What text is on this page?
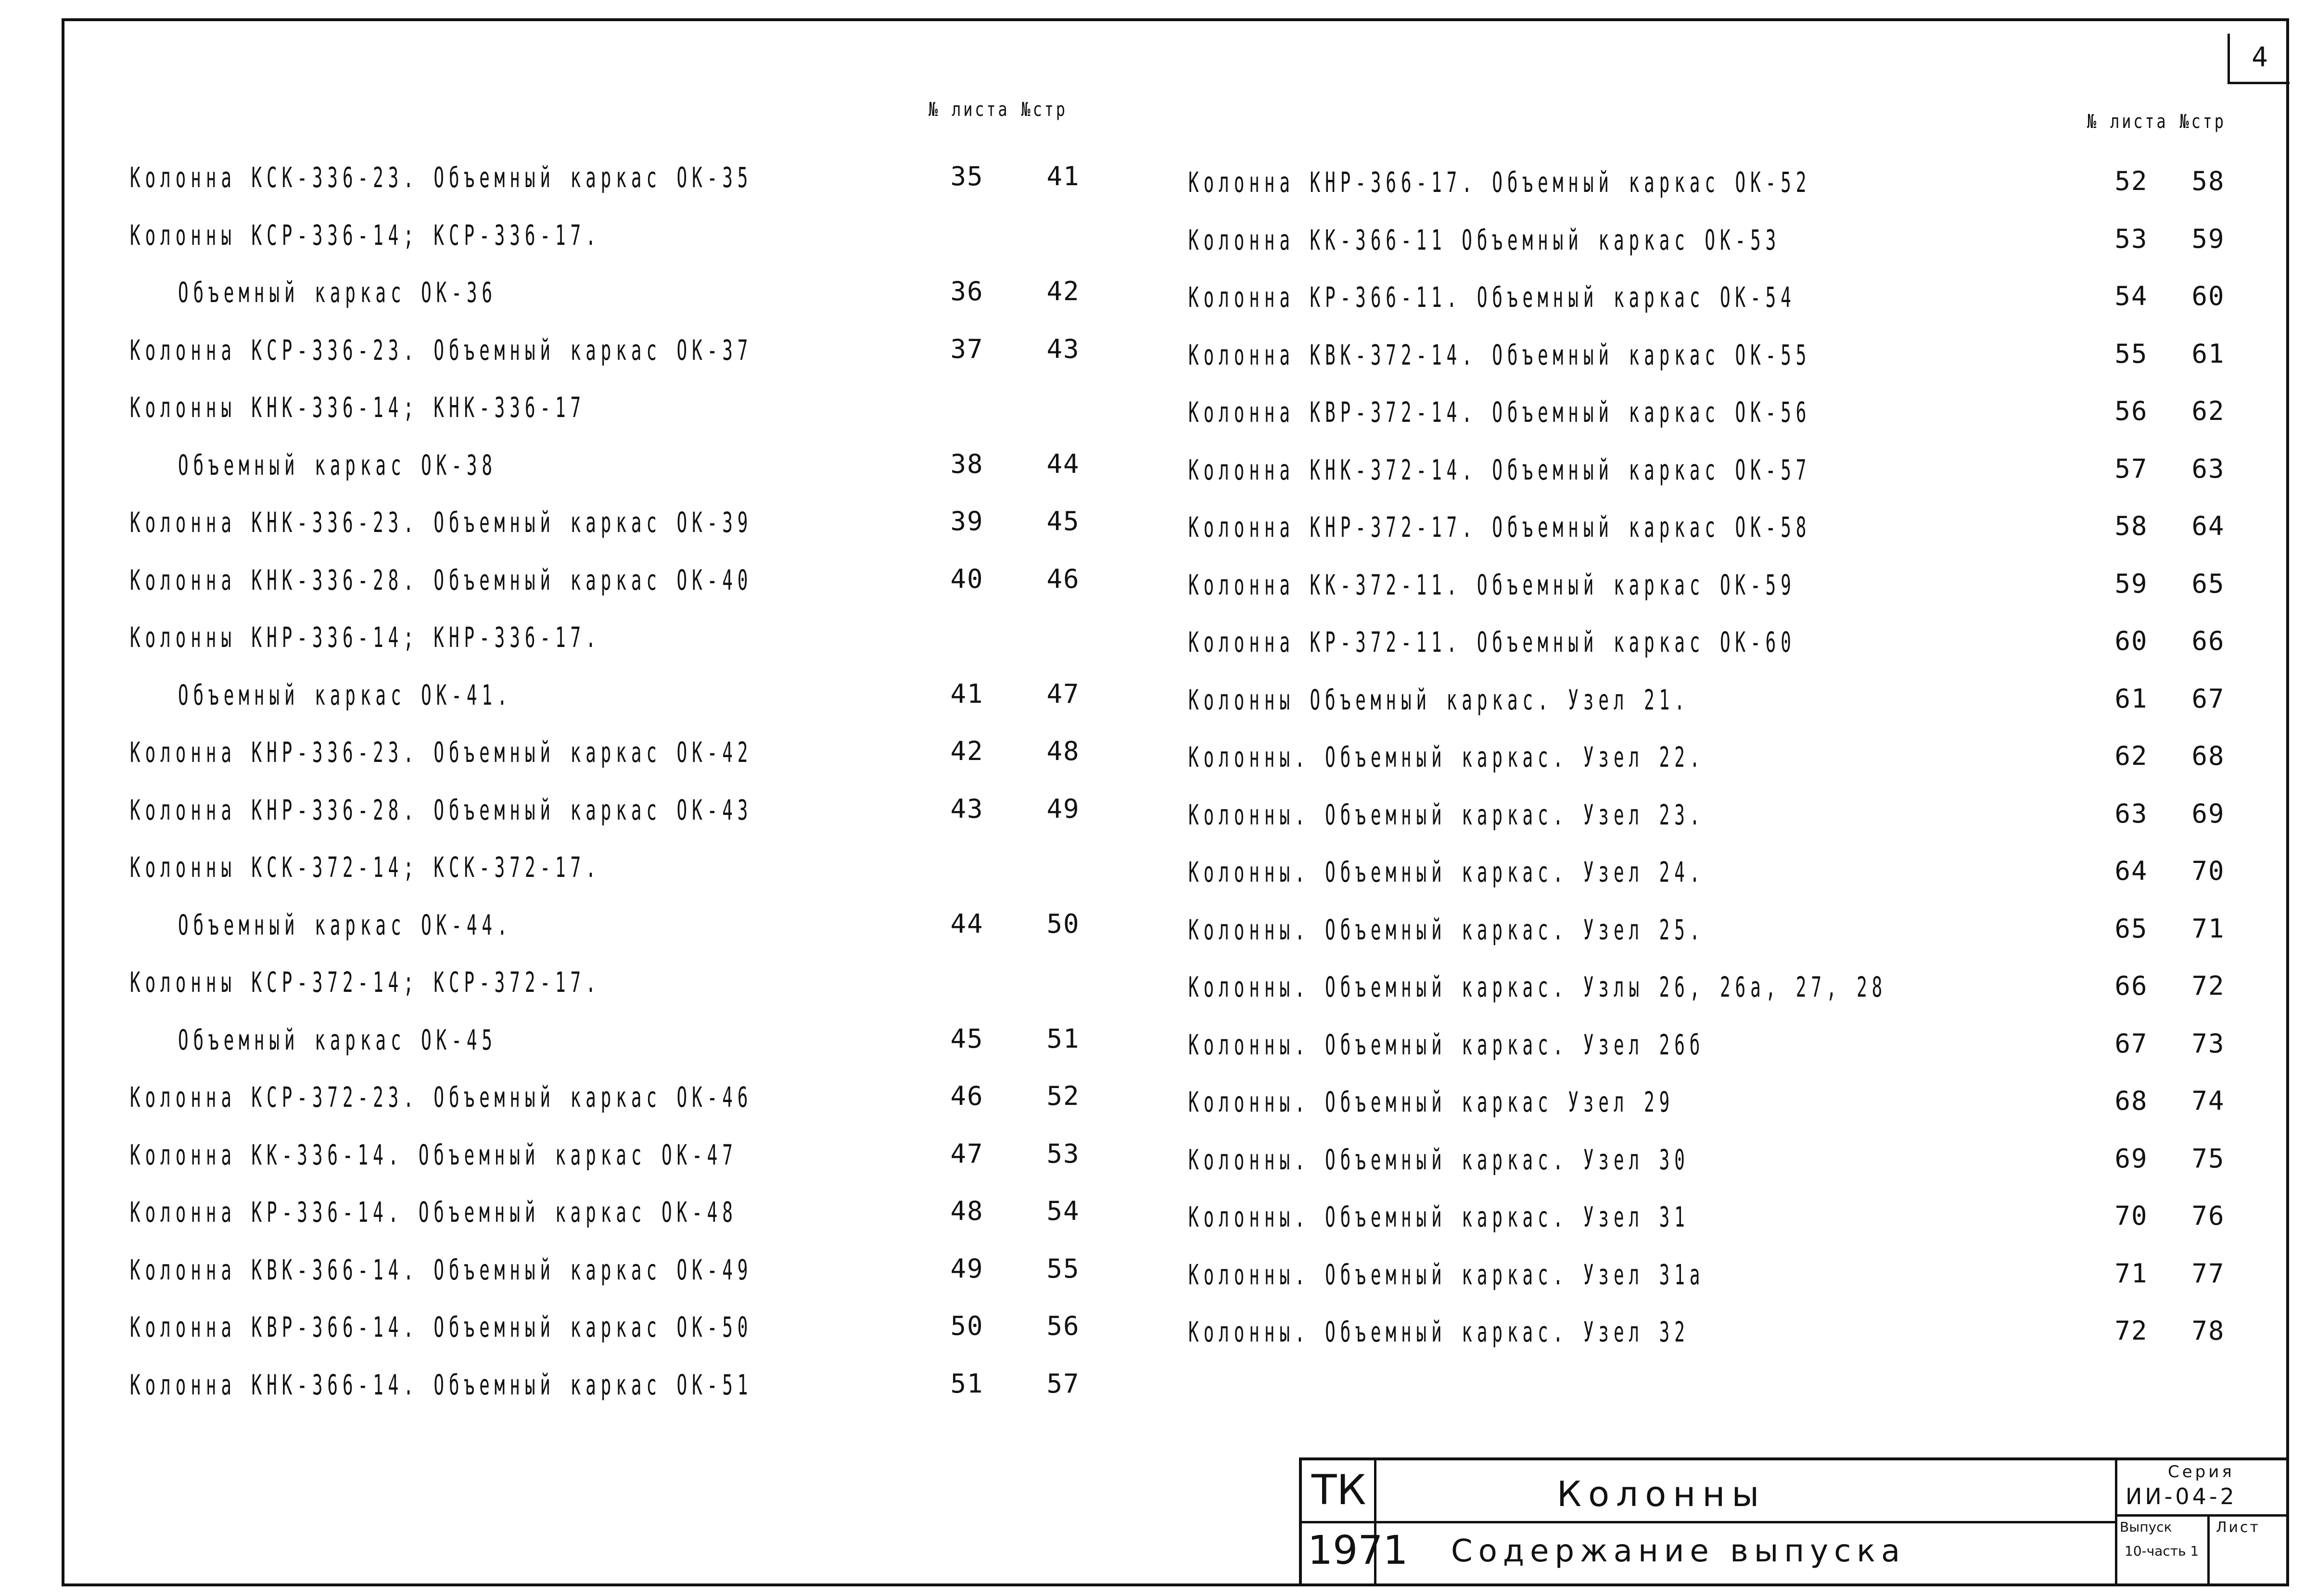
4
№ листа №стр
№ листа №стр
Колонна КСК-336-23. Объемный каркас ОК-35	35	41
Колонны КСР-336-14; КСР-336-17.
Объемный каркас ОК-36	36	42
Колонна КСР-336-23. Объемный каркас ОК-37	37	43
Колонны КНК-336-14; КНК-336-17
Объемный каркас ОК-38	38	44
Колонна КНК-336-23. Объемный каркас ОК-39	39	45
Колонна КНК-336-28. Объемный каркас ОК-40	40	46
Колонны КНР-336-14; КНР-336-17.
Объемный каркас ОК-41.	41	47
Колонна КНР-336-23. Объемный каркас ОК-42	42	48
Колонна КНР-336-28. Объемный каркас ОК-43	43	49
Колонны КСК-372-14; КСК-372-17.
Объемный каркас ОК-44.	44	50
Колонны КСР-372-14; КСР-372-17.
Объемный каркас ОК-45	45	51
Колонна КСР-372-23. Объемный каркас ОК-46	46	52
Колонна КК-336-14. Объемный каркас ОК-47	47	53
Колонна КР-336-14. Объемный каркас ОК-48	48	54
Колонна КВК-366-14. Объемный каркас ОК-49	49	55
Колонна КВР-366-14. Объемный каркас ОК-50	50	56
Колонна КНК-366-14. Объемный каркас ОК-51	51	57
Колонна КНР-366-17. Объемный каркас ОК-52	52	58
Колонна КК-366-11 Объемный каркас ОК-53	53	59
Колонна КР-366-11. Объемный каркас ОК-54	54	60
Колонна КВК-372-14. Объемный каркас ОК-55	55	61
Колонна КВР-372-14. Объемный каркас ОК-56	56	62
Колонна КНК-372-14. Объемный каркас ОК-57	57	63
Колонна КНР-372-17. Объемный каркас ОК-58	58	64
Колонна КК-372-11. Объемный каркас ОК-59	59	65
Колонна КР-372-11. Объемный каркас ОК-60	60	66
Колонны Объемный каркас. Узел 21.	61	67
Колонны. Объемный каркас. Узел 22.	62	68
Колонны. Объемный каркас. Узел 23.	63	69
Колонны. Объемный каркас. Узел 24.	64	70
Колонны. Объемный каркас. Узел 25.	65	71
Колонны. Объемный каркас. Узлы 26, 26а, 27, 28	66	72
Колонны. Объемный каркас. Узел 26б	67	73
Колонны. Объемный каркас Узел 29	68	74
Колонны. Объемный каркас. Узел 30	69	75
Колонны. Объемный каркас. Узел 31	70	76
Колонны. Объемный каркас. Узел 31а	71	77
Колонны. Объемный каркас. Узел 32	72	78
ТК
1971
Колонны
Содержание выпуска
Серия
ИИ-04-2
Выпуск	Лист
10-часть 1
